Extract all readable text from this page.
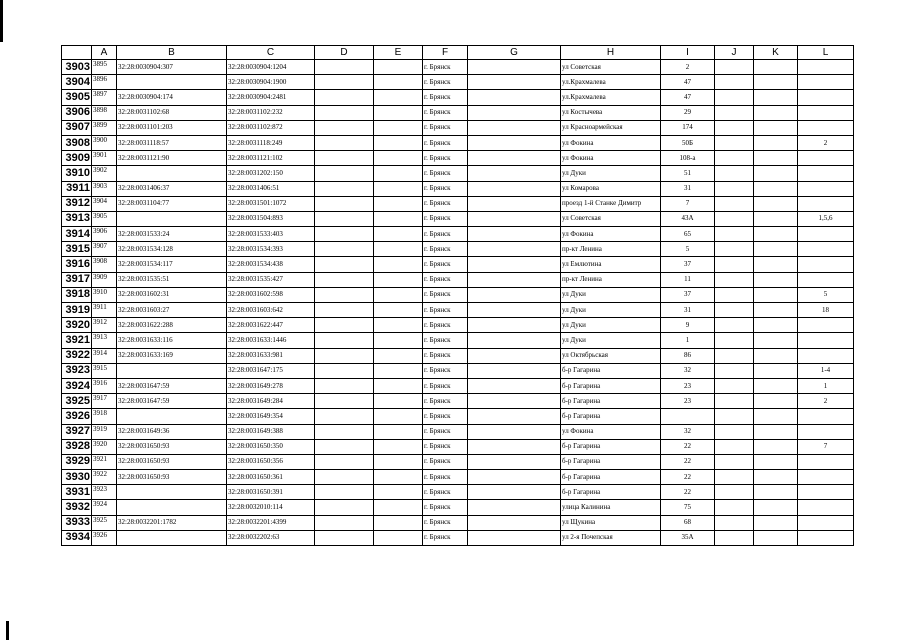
	A	B	C	D	E	F	G	H	I	J	K	L
3903	3895	32:28:0030904:307	32:28:0030904:1204			г. Брянск		ул Советская	2			
3904	3896		32:28:0030904:1900			г. Брянск		ул.Крахмалева	47			
3905	3897	32:28:0030904:174	32:28:0030904:2481			г. Брянск		ул.Крахмалева	47			
3906	3898	32:28:0031102:68	32:28:0031102:232			г. Брянск		ул Костычева	29			
3907	3899	32:28:0031101:203	32:28:0031102:872			г. Брянск		ул Красноармейская	174			
3908	3900	32:28:0031118:57	32:28:0031118:249			г. Брянск		ул Фокина	50Б			2
3909	3901	32:28:0031121:90	32:28:0031121:102			г. Брянск		ул Фокина	108-а			
3910	3902		32:28:0031202:150			г. Брянск		ул Дуки	51			
3911	3903	32:28:0031406:37	32:28:0031406:51			г. Брянск		ул Комарова	31			
3912	3904	32:28:0031104:77	32:28:0031501:1072			г. Брянск		проезд 1-й Станке Димитр	7			
3913	3905		32:28:0031504:893			г. Брянск		ул Советская	43А			1,5,6
3914	3906	32:28:0031533:24	32:28:0031533:403			г. Брянск		ул Фокина	65			
3915	3907	32:28:0031534:128	32:28:0031534:393			г. Брянск		пр-кт Ленина	5			
3916	3908	32:28:0031534:117	32:28:0031534:438			г. Брянск		ул Емлютина	37			
3917	3909	32:28:0031535:51	32:28:0031535:427			г. Брянск		пр-кт Ленина	11			
3918	3910	32:28:0031602:31	32:28:0031602:598			г. Брянск		ул Дуки	37			5
3919	3911	32:28:0031603:27	32:28:0031603:642			г. Брянск		ул Дуки	31			18
3920	3912	32:28:0031622:288	32:28:0031622:447			г. Брянск		ул Дуки	9			
3921	3913	32:28:0031633:116	32:28:0031633:1446			г. Брянск		ул Дуки	1			
3922	3914	32:28:0031633:169	32:28:0031633:981			г. Брянск		ул Октябрьская	86			
3923	3915		32:28:0031647:175			г. Брянск		б-р Гагарина	32			1-4
3924	3916	32:28:0031647:59	32:28:0031649:278			г. Брянск		б-р Гагарина	23			1
3925	3917	32:28:0031647:59	32:28:0031649:284			г. Брянск		б-р Гагарина	23			2
3926	3918		32:28:0031649:354			г. Брянск		б-р Гагарина				
3927	3919	32:28:0031649:36	32:28:0031649:388			г. Брянск		ул Фокина	32			
3928	3920	32:28:0031650:93	32:28:0031650:350			г. Брянск		б-р Гагарина	22			7
3929	3921	32:28:0031650:93	32:28:0031650:356			г. Брянск		б-р Гагарина	22			
3930	3922	32:28:0031650:93	32:28:0031650:361			г. Брянск		б-р Гагарина	22			
3931	3923		32:28:0031650:391			г. Брянск		б-р Гагарина	22			
3932	3924		32:28:0032010:114			г. Брянск		улица Калинина	75			
3933	3925	32:28:0032201:1782	32:28:0032201:4399			г. Брянск		ул Щукина	68			
3934	3926		32:28:0032202:63			г. Брянск		ул 2-я Почепская	35А			
